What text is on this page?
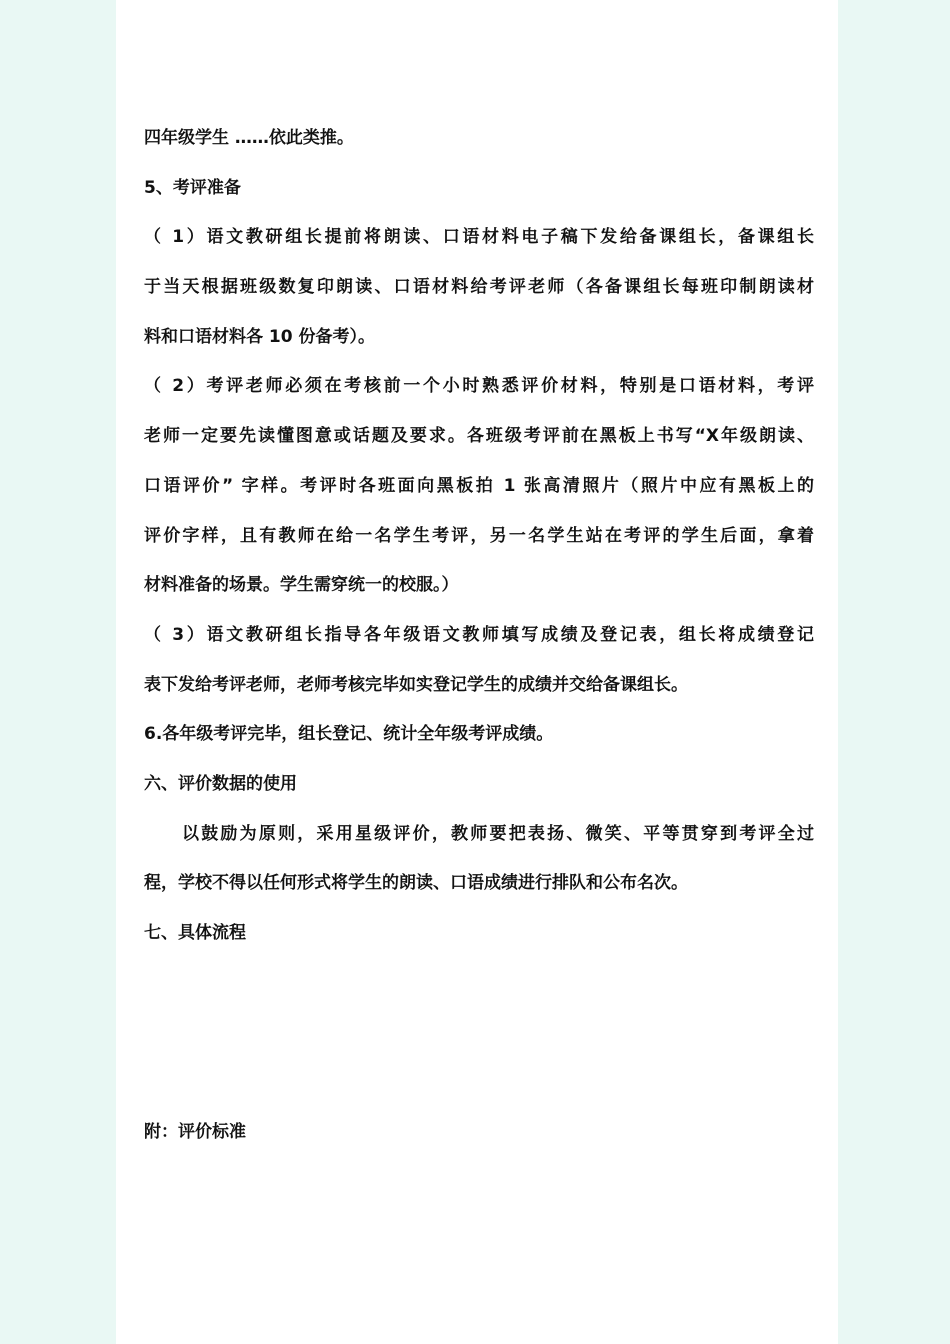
四年级学生 ……依此类推。
5、考评准备
（ 1）语文教研组长提前将朗读、口语材料电子稿下发给备课组长，备课组长
于当天根据班级数复印朗读、口语材料给考评老师（各备课组长每班印制朗读材
料和口语材料各 10 份备考）。
（ 2）考评老师必须在考核前一个小时熟悉评价材料，特别是口语材料，考评
老师一定要先读懂图意或话题及要求。各班级考评前在黑板上书写“X年级朗读、
口语评价” 字样。考评时各班面向黑板拍 1 张高清照片（照片中应有黑板上的
评价字样，且有教师在给一名学生考评，另一名学生站在考评的学生后面，拿着
材料准备的场景。学生需穿统一的校服。）
（ 3）语文教研组长指导各年级语文教师填写成绩及登记表，组长将成绩登记
表下发给考评老师，老师考核完毕如实登记学生的成绩并交给备课组长。
6.各年级考评完毕，组长登记、统计全年级考评成绩。
六、评价数据的使用
以鼓励为原则，采用星级评价，教师要把表扬、微笑、平等贯穿到考评全过
程，学校不得以任何形式将学生的朗读、口语成绩进行排队和公布名次。
七、具体流程
附：评价标准
